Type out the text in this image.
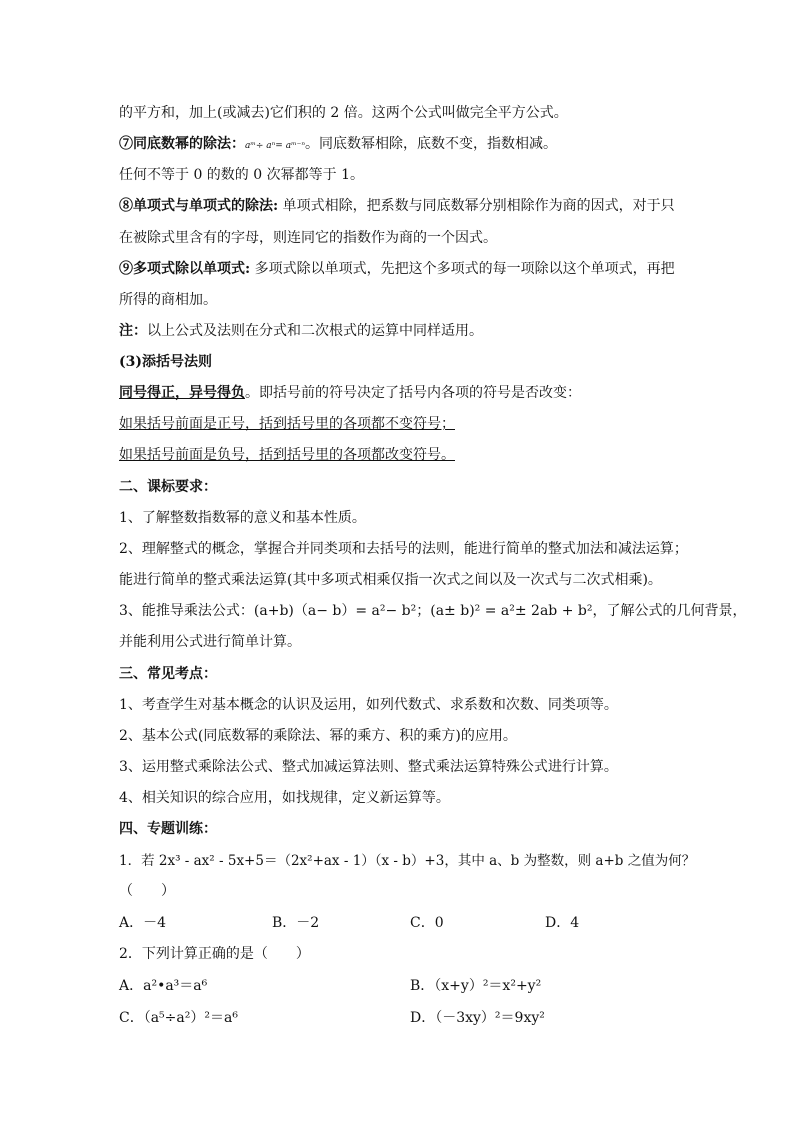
的平方和，加上(或减去)它们积的 2 倍。这两个公式叫做完全平方公式。
⑦同底数幂的除法：aᵐ÷ aⁿ= aᵐ⁻ⁿ。同底数幂相除，底数不变，指数相减。
任何不等于 0 的数的 0 次幂都等于 1。
⑧单项式与单项式的除法: 单项式相除，把系数与同底数幂分别相除作为商的因式，对于只
在被除式里含有的字母，则连同它的指数作为商的一个因式。
⑨多项式除以单项式: 多项式除以单项式，先把这个多项式的每一项除以这个单项式，再把
所得的商相加。
注：以上公式及法则在分式和二次根式的运算中同样适用。
(3)添括号法则
同号得正，异号得负。即括号前的符号决定了括号内各项的符号是否改变：
如果括号前面是正号，括到括号里的各项都不变符号；
如果括号前面是负号，括到括号里的各项都改变符号。
二、课标要求：
1、了解整数指数幂的意义和基本性质。
2、理解整式的概念，掌握合并同类项和去括号的法则，能进行简单的整式加法和减法运算；
能进行简单的整式乘法运算(其中多项式相乘仅指一次式之间以及一次式与二次式相乘)。
3、能推导乘法公式：(a+b)（a− b）= a²− b²；(a± b)² = a²± 2ab + b²，了解公式的几何背景，
并能利用公式进行简单计算。
三、常见考点：
1、考查学生对基本概念的认识及运用，如列代数式、求系数和次数、同类项等。
2、基本公式(同底数幂的乘除法、幂的乘方、积的乘方)的应用。
3、运用整式乘除法公式、整式加减运算法则、整式乘法运算特殊公式进行计算。
4、相关知识的综合应用，如找规律，定义新运算等。
四、专题训练：
1．若 2x³ - ax² - 5x+5＝（2x²+ax - 1）（x - b）+3，其中 a、b 为整数，则 a+b 之值为何？
（　　）
A．－4	B．－2	C．0	D．4
2．下列计算正确的是（　　）
A．a²•a³＝a⁶	B．（x+y）²＝x²+y²
C．（a⁵÷a²）²＝a⁶	D．（－3xy）²＝9xy²
